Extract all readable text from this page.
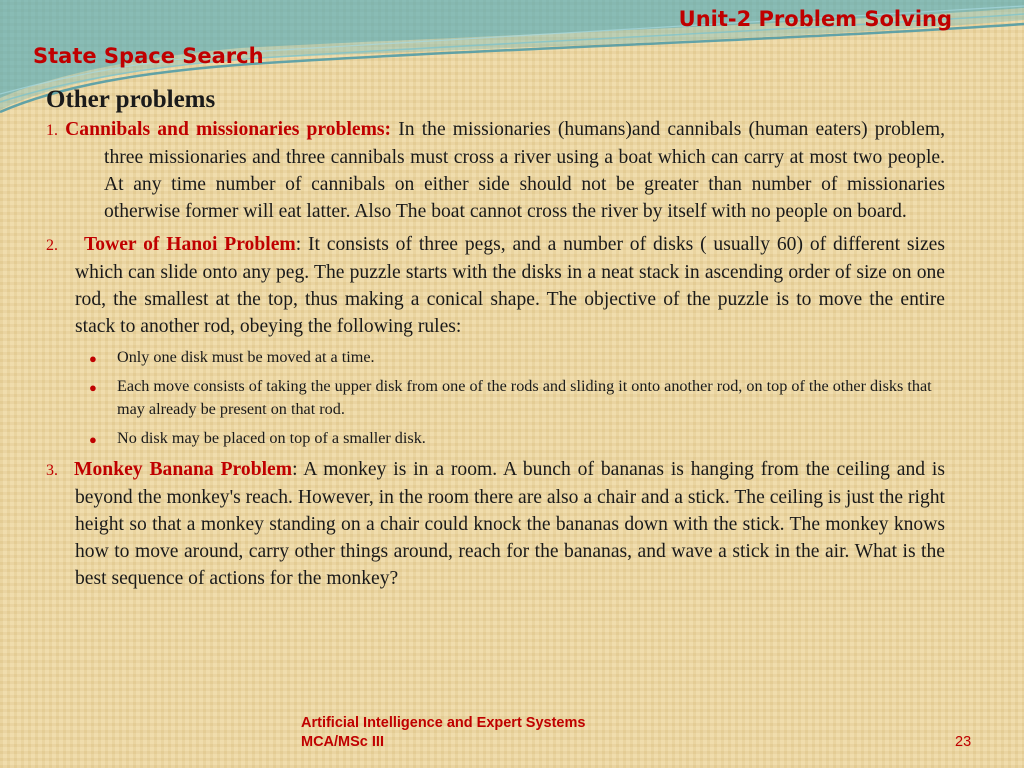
Unit-2 Problem Solving
State Space Search
Other problems

1. Cannibals and missionaries problems: In the missionaries (humans)and cannibals (human eaters) problem, three missionaries and three cannibals must cross a river using a boat which can carry at most two people. At any time number of cannibals on either side should not be greater than number of missionaries otherwise former will eat latter. Also The boat cannot cross the river by itself with no people on board.

2. Tower of Hanoi Problem: It consists of three pegs, and a number of disks ( usually 60) of different sizes which can slide onto any peg. The puzzle starts with the disks in a neat stack in ascending order of size on one rod, the smallest at the top, thus making a conical shape. The objective of the puzzle is to move the entire stack to another rod, obeying the following rules:

● Only one disk must be moved at a time.
● Each move consists of taking the upper disk from one of the rods and sliding it onto another rod, on top of the other disks that may already be present on that rod.
● No disk may be placed on top of a smaller disk.

3. Monkey Banana Problem: A monkey is in a room. A bunch of bananas is hanging from the ceiling and is beyond the monkey's reach. However, in the room there are also a chair and a stick. The ceiling is just the right height so that a monkey standing on a chair could knock the bananas down with the stick. The monkey knows how to move around, carry other things around, reach for the bananas, and wave a stick in the air. What is the best sequence of actions for the monkey?

Artificial Intelligence and Expert Systems
MCA/MSc III	23
